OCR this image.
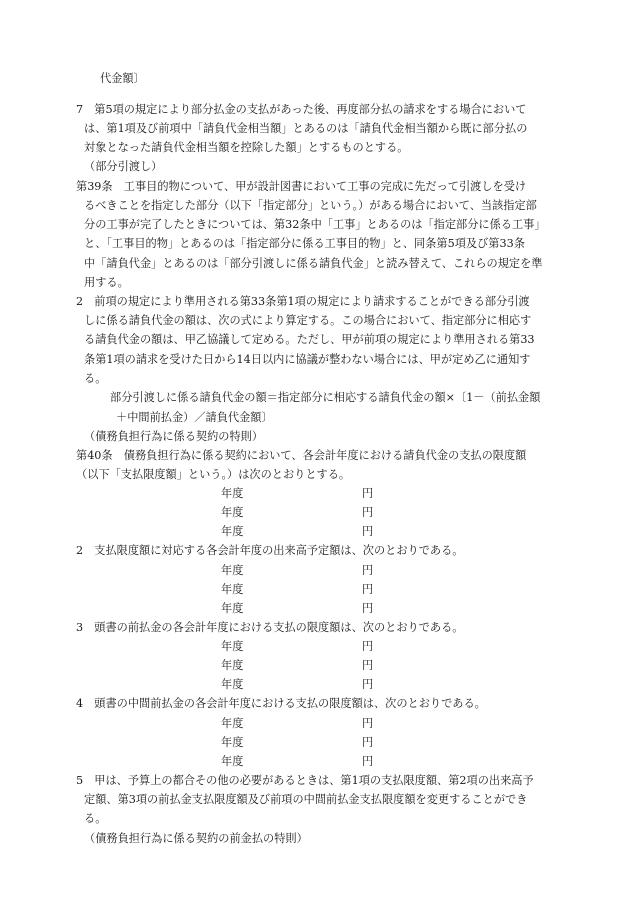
代金額〕
7　第5項の規定により部分払金の支払があった後、再度部分払の請求をする場合において
は、第1項及び前項中「請負代金相当額」とあるのは「請負代金相当額から既に部分払の
対象となった請負代金相当額を控除した額」とするものとする。
（部分引渡し）
第39条　工事目的物について、甲が設計図書において工事の完成に先だって引渡しを受け
るべきことを指定した部分（以下「指定部分」という。）がある場合において、当該指定部
分の工事が完了したときについては、第32条中「工事」とあるのは「指定部分に係る工事」
と、「工事目的物」とあるのは「指定部分に係る工事目的物」と、同条第5項及び第33条
中「請負代金」とあるのは「部分引渡しに係る請負代金」と読み替えて、これらの規定を準
用する。
2　前項の規定により準用される第33条第1項の規定により請求することができる部分引渡
しに係る請負代金の額は、次の式により算定する。この場合において、指定部分に相応す
る請負代金の額は、甲乙協議して定める。ただし、甲が前項の規定により準用される第33
条第1項の請求を受けた日から14日以内に協議が整わない場合には、甲が定め乙に通知す
る。
部分引渡しに係る請負代金の額＝指定部分に相応する請負代金の額×〔1－（前払金額
＋中間前払金）／請負代金額〕
（債務負担行為に係る契約の特則）
第40条　債務負担行為に係る契約において、各会計年度における請負代金の支払の限度額
（以下「支払限度額」という。）は次のとおりとする。
年度	円
年度	円
年度	円
2　支払限度額に対応する各会計年度の出来高予定額は、次のとおりである。
年度	円
年度	円
年度	円
3　頭書の前払金の各会計年度における支払の限度額は、次のとおりである。
年度	円
年度	円
年度	円
4　頭書の中間前払金の各会計年度における支払の限度額は、次のとおりである。
年度	円
年度	円
年度	円
5　甲は、予算上の都合その他の必要があるときは、第1項の支払限度額、第2項の出来高予
定額、第3項の前払金支払限度額及び前項の中間前払金支払限度額を変更することができ
る。
（債務負担行為に係る契約の前金払の特則）
